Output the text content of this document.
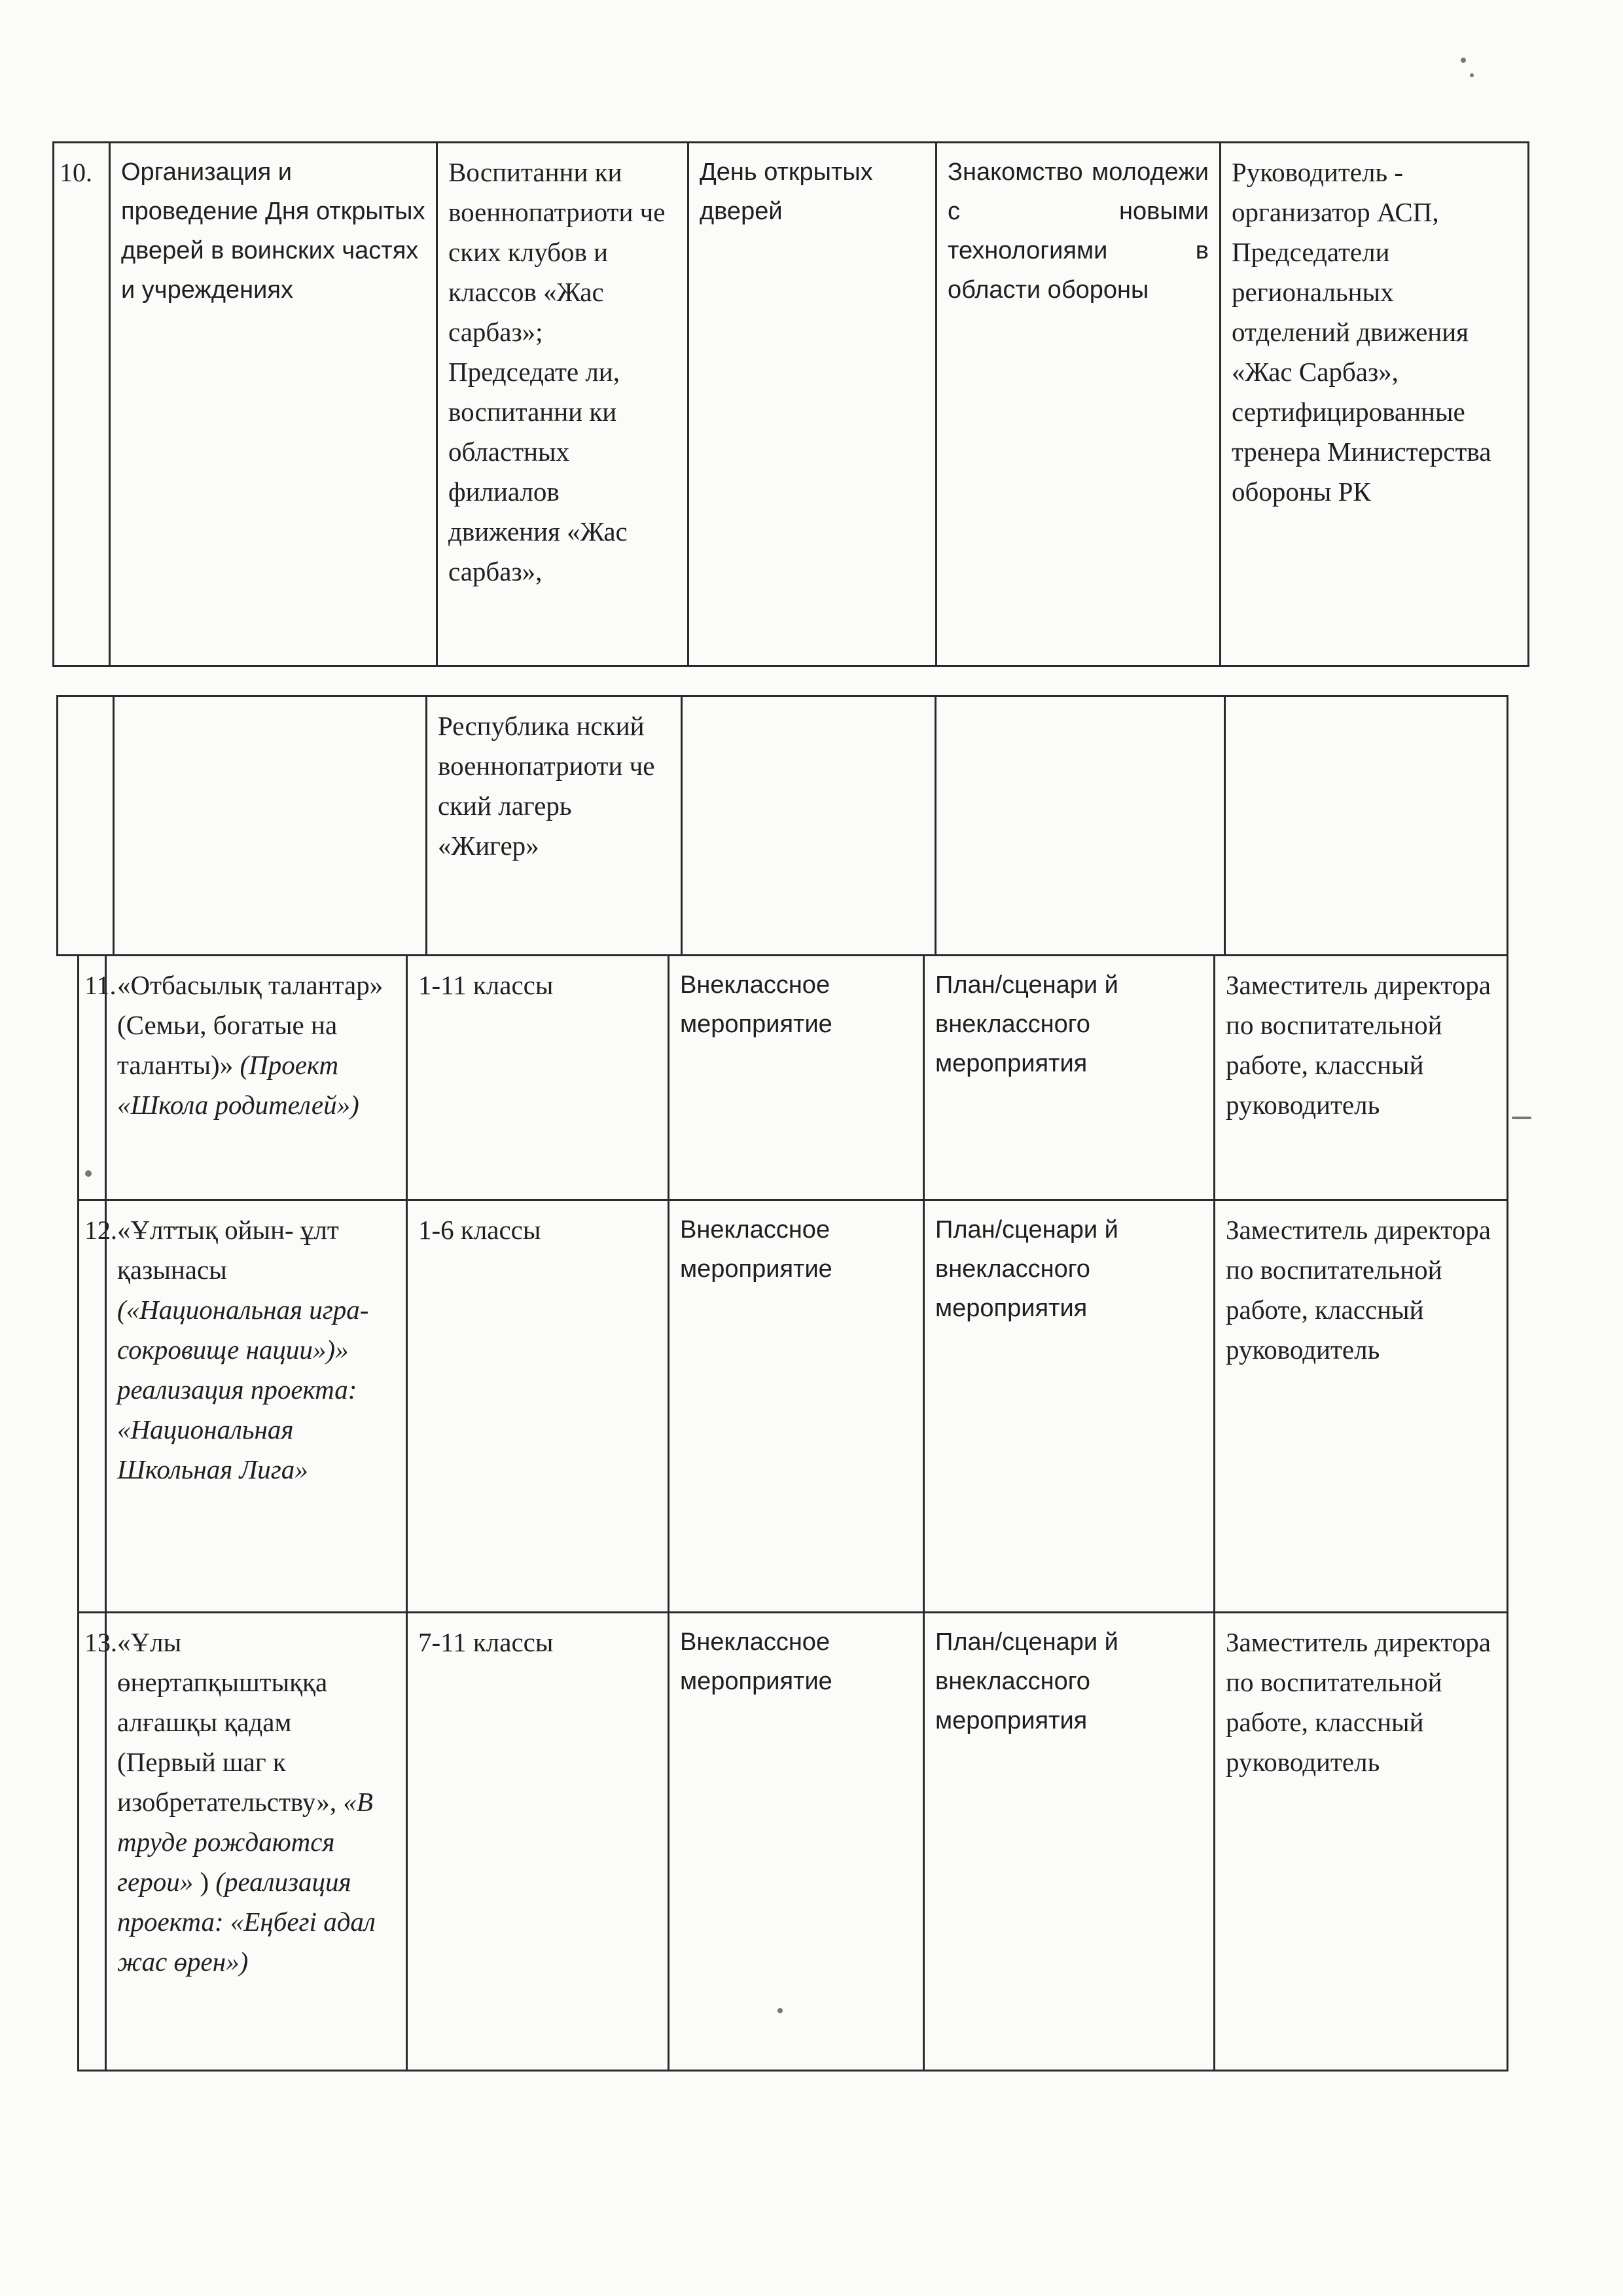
10.	Организация и проведение Дня открытых дверей в воинских частях и учреждениях	Воспитанни ки военнопатриоти че ских клубов и классов «Жас сарбаз»; Председате ли, воспитанни ки областных филиалов движения «Жас сарбаз»,	День открытых дверей	Знакомство молодежи с новыми технологиями в области обороны	Руководитель - организатор АСП, Председатели региональных отделений движения «Жас Сарбаз», сертифицированные тренера Министерства обороны РК
		Республика нский военнопатриоти че ский лагерь «Жигер»			
11.	«Отбасылық талантар» (Семьи, богатые на таланты)» (Проект «Школа родителей»)	1-11 классы	Внеклассное мероприятие	План/сценари й внеклассного мероприятия	Заместитель директора по воспитательной работе, классный руководитель
12.	«Ұлттық ойын- ұлт қазынасы («Национальная игра-сокровище нации»)» реализация проекта: «Национальная Школьная Лига»	1-6 классы	Внеклассное мероприятие	План/сценари й внеклассного мероприятия	Заместитель директора по воспитательной работе, классный руководитель
13.	«Ұлы өнертапқыштыққа алғашқы қадам (Первый шаг к изобретательству», «В труде рождаются герои» ) (реализация проекта: «Еңбегі адал жас өрен»)	7-11 классы	Внеклассное мероприятие	План/сценари й внеклассного мероприятия	Заместитель директора по воспитательной работе, классный руководитель
